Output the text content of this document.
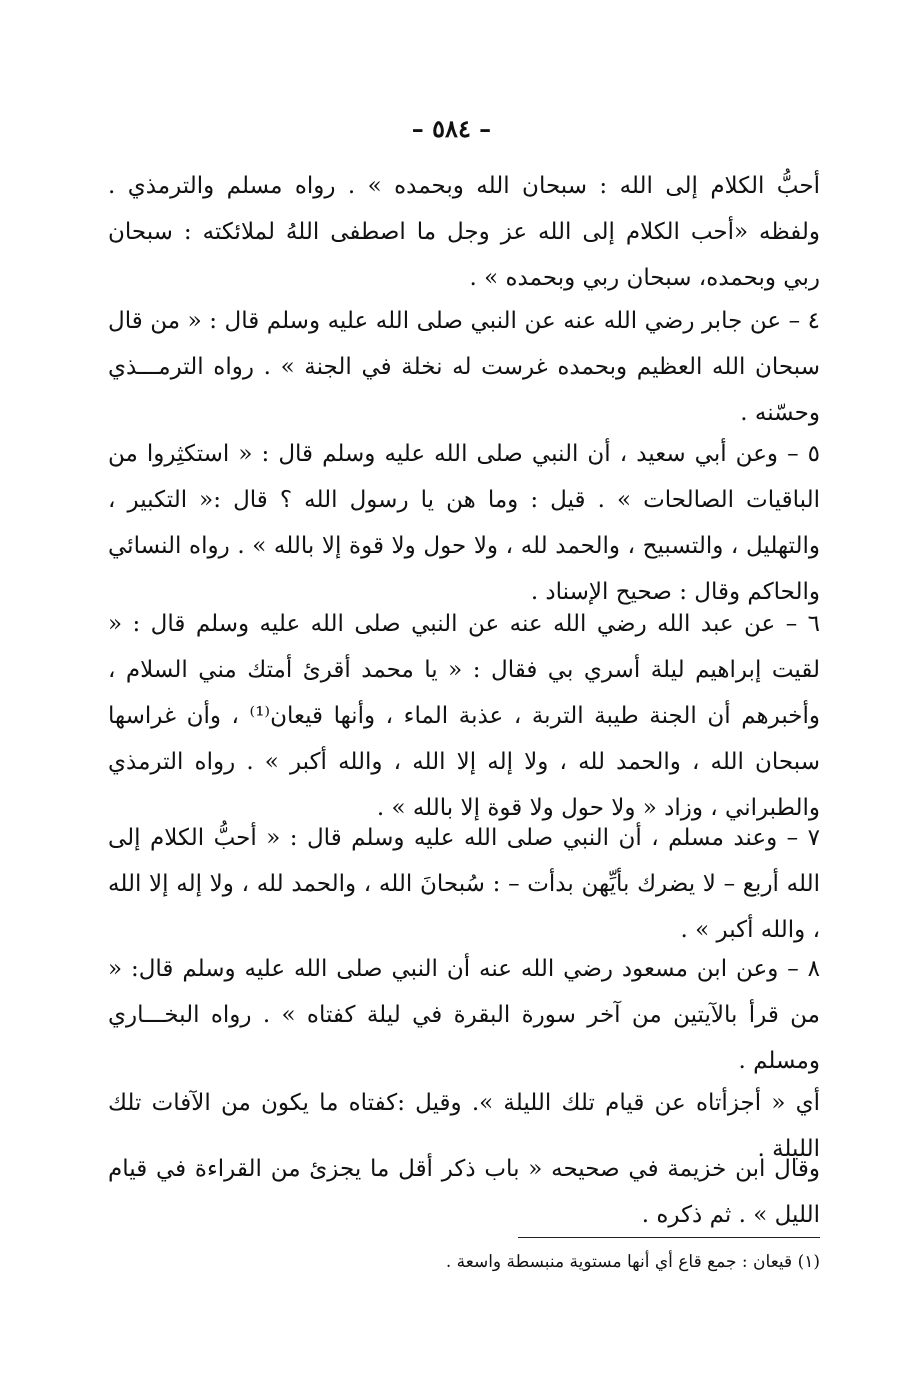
– ٥٨٤ –

أحبُّ الكلام إلى الله : سبحان الله وبحمده » . رواه مسلم والترمذي . ولفظه «أحب الكلام إلى الله عز وجل ما اصطفى اللهُ لملائكته : سبحان ربي وبحمده، سبحان ربي وبحمده » .

٤ – عن جابر رضي الله عنه عن النبي صلى الله عليه وسلم قال : « من قال سبحان الله العظيم وبحمده غرست له نخلة في الجنة » . رواه الترمـــذي وحسّنه .

٥ – وعن أبي سعيد ، أن النبي صلى الله عليه وسلم قال : « استكثِروا من الباقيات الصالحات » . قيل : وما هن يا رسول الله ؟ قال :« التكبير ، والتهليل ، والتسبيح ، والحمد لله ، ولا حول ولا قوة إلا بالله » . رواه النسائي والحاكم وقال : صحيح الإسناد .

٦ – عن عبد الله رضي الله عنه عن النبي صلى الله عليه وسلم قال : « لقيت إبراهيم ليلة أسري بي فقال : « يا محمد أقرئ أمتك مني السلام ، وأخبرهم أن الجنة طيبة التربة ، عذبة الماء ، وأنها قيعان⁽¹⁾ ، وأن غراسها سبحان الله ، والحمد لله ، ولا إله إلا الله ، والله أكبر » . رواه الترمذي والطبراني ، وزاد « ولا حول ولا قوة إلا بالله » .

٧ – وعند مسلم ، أن النبي صلى الله عليه وسلم قال : « أحبُّ الكلام إلى الله أربع – لا يضرك بأيِّهن بدأت – : سُبحانَ الله ، والحمد لله ، ولا إله إلا الله ، والله أكبر » .

٨ – وعن ابن مسعود رضي الله عنه أن النبي صلى الله عليه وسلم قال: « من قرأ بالآيتين من آخر سورة البقرة في ليلة كفتاه » . رواه البخـــاري ومسلم .

أي « أجزأتاه عن قيام تلك الليلة ». وقيل :كفتاه ما يكون من الآفات تلك الليلة .

وقال ابن خزيمة في صحيحه « باب ذكر أقل ما يجزئ من القراءة في قيام الليل » . ثم ذكره .

(١) قيعان : جمع قاع أي أنها مستوية منبسطة واسعة .
